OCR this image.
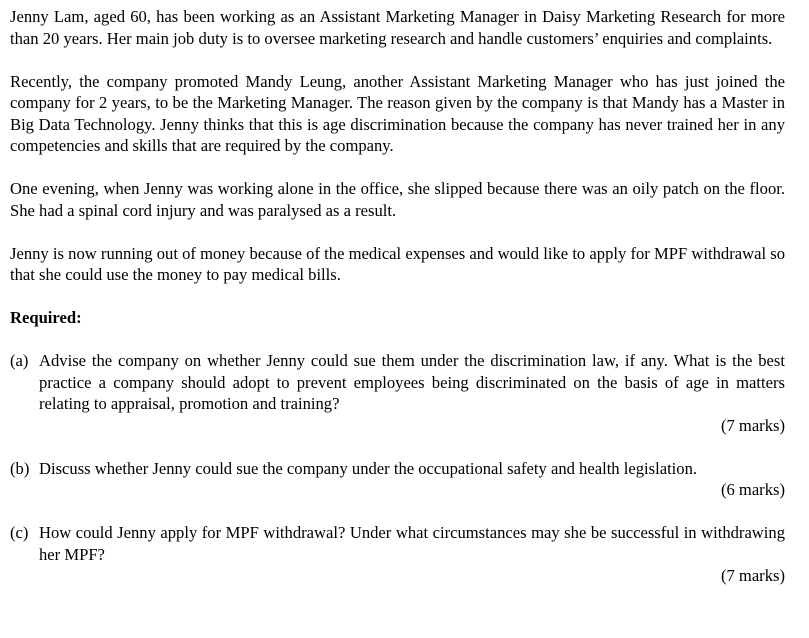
Jenny Lam, aged 60, has been working as an Assistant Marketing Manager in Daisy Marketing Research for more than 20 years. Her main job duty is to oversee marketing research and handle customers’ enquiries and complaints.

Recently, the company promoted Mandy Leung, another Assistant Marketing Manager who has just joined the company for 2 years, to be the Marketing Manager. The reason given by the company is that Mandy has a Master in Big Data Technology. Jenny thinks that this is age discrimination because the company has never trained her in any competencies and skills that are required by the company.

One evening, when Jenny was working alone in the office, she slipped because there was an oily patch on the floor. She had a spinal cord injury and was paralysed as a result.

Jenny is now running out of money because of the medical expenses and would like to apply for MPF withdrawal so that she could use the money to pay medical bills.

Required:

(a) Advise the company on whether Jenny could sue them under the discrimination law, if any. What is the best practice a company should adopt to prevent employees being discriminated on the basis of age in matters relating to appraisal, promotion and training?

(7 marks)

(b) Discuss whether Jenny could sue the company under the occupational safety and health legislation.

(6 marks)

(c) How could Jenny apply for MPF withdrawal? Under what circumstances may she be successful in withdrawing her MPF?

(7 marks)
